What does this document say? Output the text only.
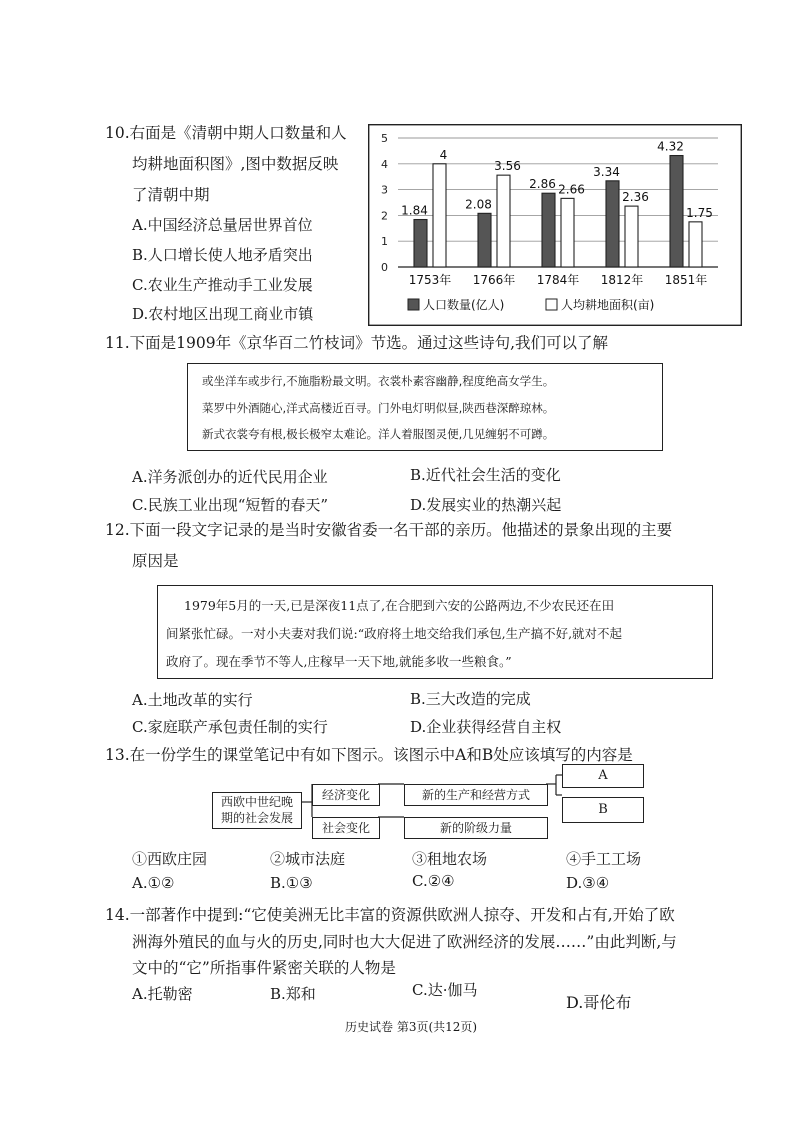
10.右面是《清朝中期人口数量和人
均耕地面积图》,图中数据反映
了清朝中期
A.中国经济总量居世界首位
B.人口增长使人地矛盾突出
C.农业生产推动手工业发展
D.农村地区出现工商业市镇
0
1
2
3
4
5
1.84
4
1753年
2.08
3.56
1766年
2.86 2.66
1784年
3.34
2.36
1812年
4.32
1.75
1851年
人口数量(亿人)	人均耕地面积(亩)
11.下面是1909年《京华百二竹枝词》节选。通过这些诗句,我们可以了解
或坐洋车或步行,不施脂粉最文明。衣裳朴素容幽静,程度绝高女学生。
菜罗中外酒随心,洋式高楼近百寻。门外电灯明似昼,陕西巷深醉琼林。
新式衣裳夸有根,极长极窄太难论。洋人着服图灵便,几见缠躬不可蹲。
A.洋务派创办的近代民用企业	B.近代社会生活的变化
C.民族工业出现“短暂的春天”	D.发展实业的热潮兴起
12.下面一段文字记录的是当时安徽省委一名干部的亲历。他描述的景象出现的主要
原因是
1979年5月的一天,已是深夜11点了,在合肥到六安的公路两边,不少农民还在田
间紧张忙碌。一对小夫妻对我们说:“政府将土地交给我们承包,生产搞不好,就对不起
政府了。现在季节不等人,庄稼早一天下地,就能多收一些粮食。”
A.土地改革的实行	B.三大改造的完成
C.家庭联产承包责任制的实行	D.企业获得经营自主权
13.在一份学生的课堂笔记中有如下图示。该图示中A和B处应该填写的内容是
西欧中世纪晚
期的社会发展
经济变化
社会变化
新的生产和经营方式
新的阶级力量
A
B
①西欧庄园	②城市法庭	③租地农场	④手工工场
A.①②	B.①③	C.②④	D.③④
14.一部著作中提到:“它使美洲无比丰富的资源供欧洲人掠夺、开发和占有,开始了欧
洲海外殖民的血与火的历史,同时也大大促进了欧洲经济的发展……”由此判断,与
文中的“它”所指事件紧密关联的人物是
A.托勒密	B.郑和	C.达·伽马
D.哥伦布
历史试卷 第3页(共12页)
